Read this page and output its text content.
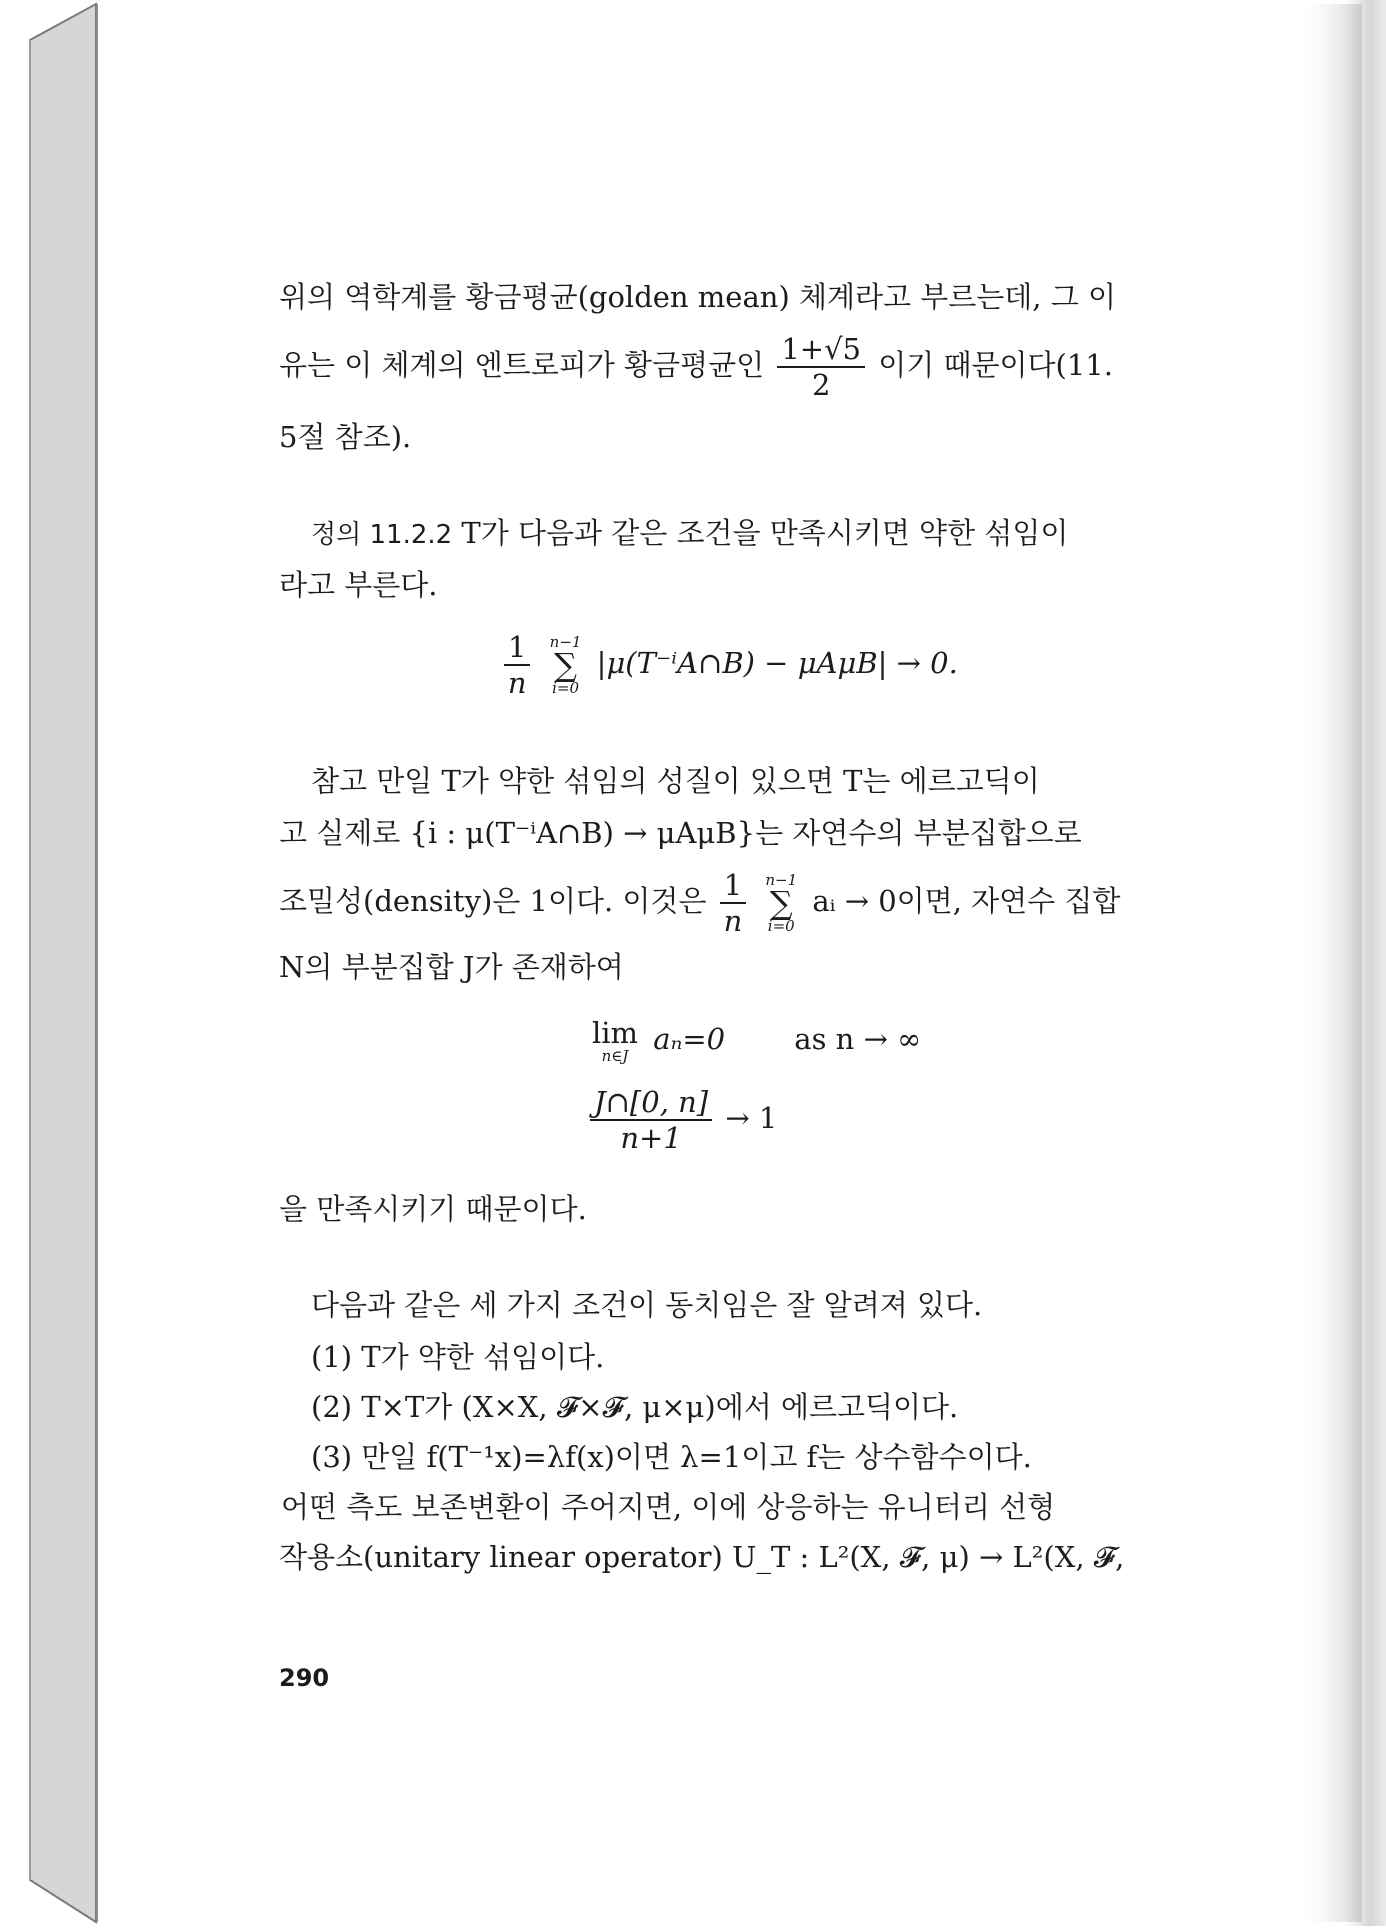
위의 역학계를 황금평균(golden mean) 체계라고 부르는데, 그 이
유는 이 체계의 엔트로피가 황금평균인 $\frac{1+√5}{2}$ 이기 때문이다(11.
5절 참조).
정의 11.2.2 T가 다음과 같은 조건을 만족시키면 약한 섞임이
라고 부른다.
$\frac{1}{n}$
n−1
∑
i=0
|μ(T⁻ⁱA∩B) − μAμB| → 0.
참고 만일 T가 약한 섞임의 성질이 있으면 T는 에르고딕이
고 실제로 {i : μ(T⁻ⁱA∩B) → μAμB}는 자연수의 부분집합으로
조밀성(density)은 1이다. 이것은 $\frac{1}{n}$
n−1
∑
i=0
aᵢ → 0이면, 자연수 집합
N의 부분집합 J가 존재하여
lim
n∈J aₙ=0 as n → ∞
$\frac{J\cap[0, n]}{n+1} \to 1$
을 만족시키기 때문이다.
다음과 같은 세 가지 조건이 동치임은 잘 알려져 있다.
(1) T가 약한 섞임이다.
(2) T×T가 (X×X, 𝓕×𝓕, μ×μ)에서 에르고딕이다.
(3) 만일 f(T⁻¹x)=λf(x)이면 λ=1이고 f는 상수함수이다.
어떤 측도 보존변환이 주어지면, 이에 상응하는 유니터리 선형
작용소(unitary linear operator) U_T : L²(X, 𝓕, μ) → L²(X, 𝓕,
290
